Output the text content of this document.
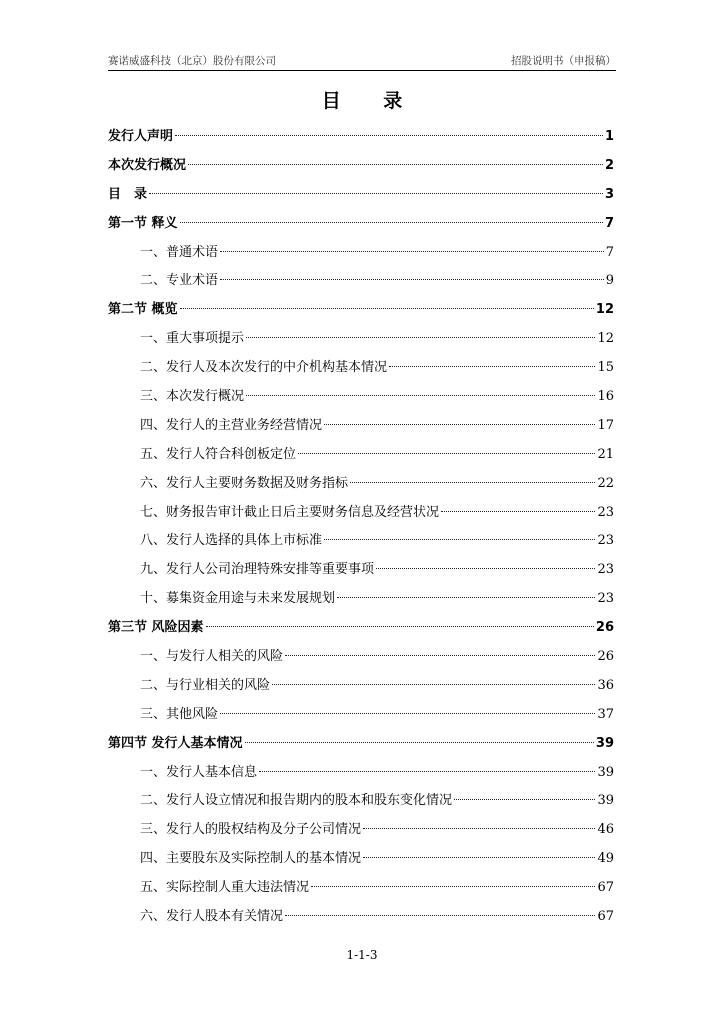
赛诺威盛科技（北京）股份有限公司	招股说明书（申报稿）
目 录
发行人声明	1
本次发行概况	2
目　录	3
第一节 释义	7
一、普通术语	7
二、专业术语	9
第二节 概览	12
一、重大事项提示	12
二、发行人及本次发行的中介机构基本情况	15
三、本次发行概况	16
四、发行人的主营业务经营情况	17
五、发行人符合科创板定位	21
六、发行人主要财务数据及财务指标	22
七、财务报告审计截止日后主要财务信息及经营状况	23
八、发行人选择的具体上市标准	23
九、发行人公司治理特殊安排等重要事项	23
十、募集资金用途与未来发展规划	23
第三节 风险因素	26
一、与发行人相关的风险	26
二、与行业相关的风险	36
三、其他风险	37
第四节 发行人基本情况	39
一、发行人基本信息	39
二、发行人设立情况和报告期内的股本和股东变化情况	39
三、发行人的股权结构及分子公司情况	46
四、主要股东及实际控制人的基本情况	49
五、实际控制人重大违法情况	67
六、发行人股本有关情况	67
1-1-3
